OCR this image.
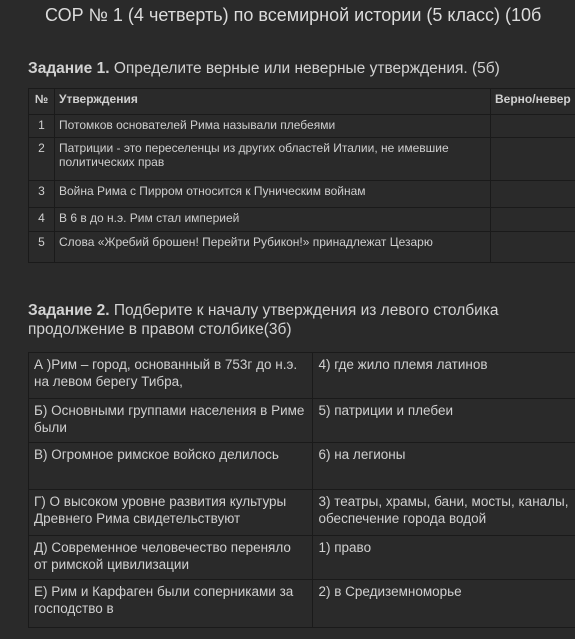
СОР № 1 (4 четверть) по всемирной истории (5 класс) (10б
Задание 1. Определите верные или неверные утверждения. (5б)
№	Утверждения	Верно/невер
1	Потомков основателей Рима называли плебеями	
2	Патриции - это переселенцы из других областей Италии, не имевшие политических прав	
3	Война Рима с Пирром относится к Пуническим войнам	
4	В 6 в до н.э. Рим стал империей	
5	Слова «Жребий брошен! Перейти Рубикон!» принадлежат Цезарю	
Задание 2. Подберите к началу утверждения из левого столбика продолжение в правом столбике(3б)
А )Рим – город, основанный в 753г до н.э. на левом берегу Тибра,	4) где жило племя латинов
Б) Основными группами населения в Риме были	5) патриции и плебеи
В) Огромное римское войско делилось	6) на легионы
Г) О высоком уровне развития культуры Древнего Рима свидетельствуют	3) театры, храмы, бани, мосты, каналы, обеспечение города водой
Д) Современное человечество переняло от римской цивилизации	1) право
Е) Рим и Карфаген были соперниками за господство в	2) в Средиземноморье
